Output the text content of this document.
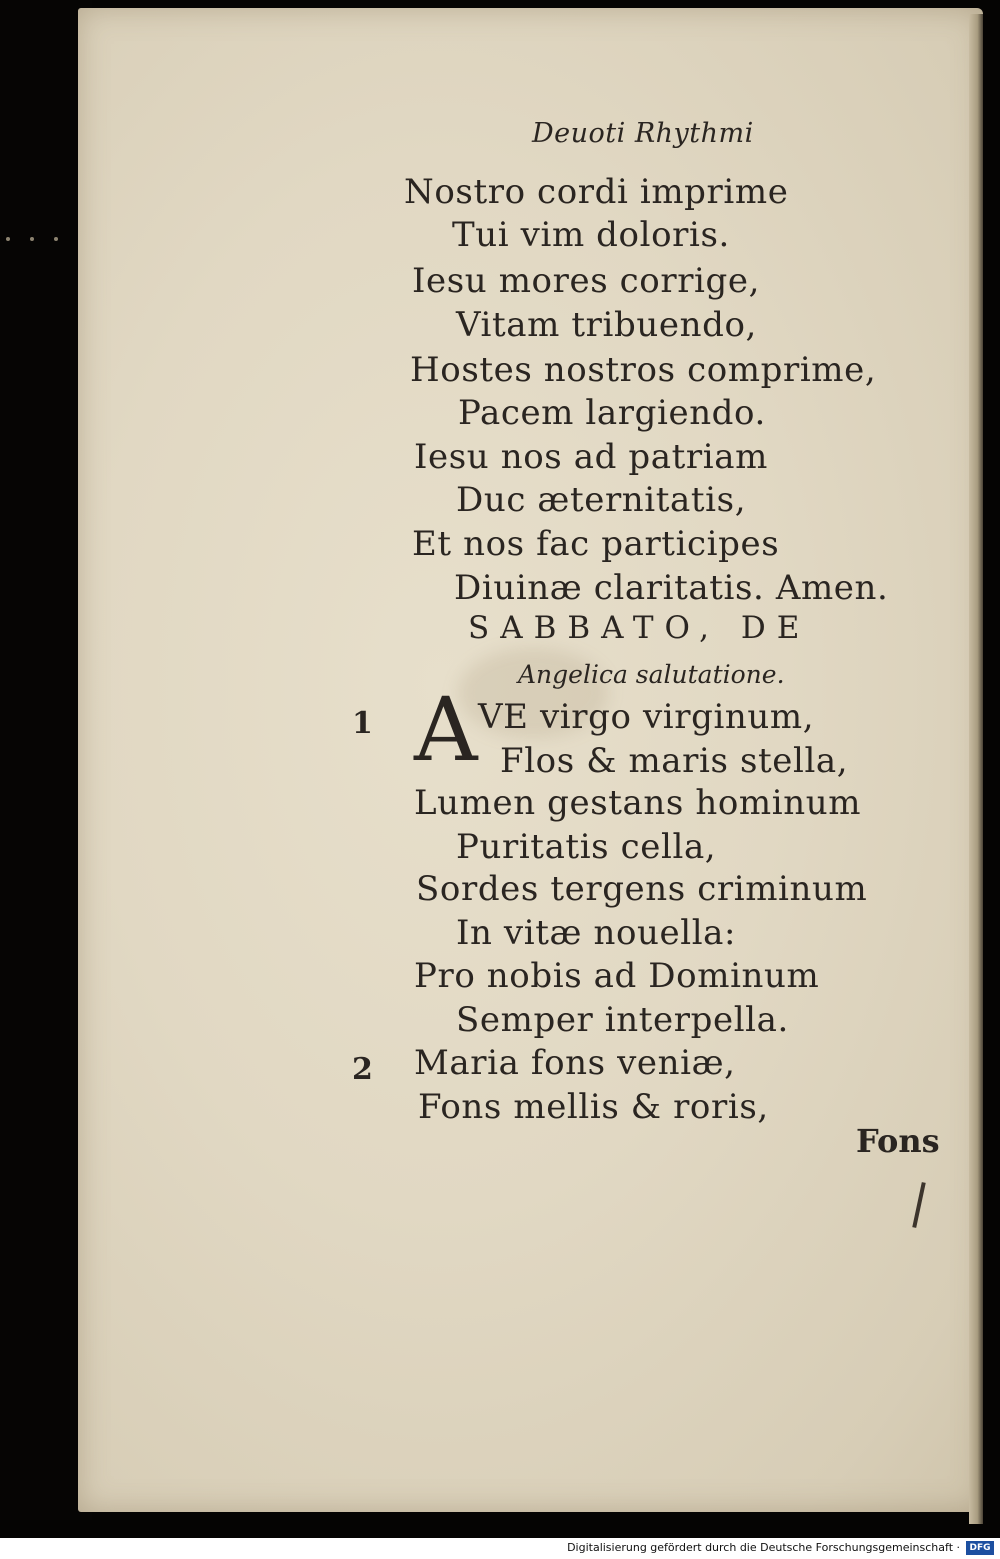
Deuoti Rhythmi
Nostro cordi imprime
Tui vim doloris.
Iesu mores corrige,
Vitam tribuendo,
Hostes nostros comprime,
Pacem largiendo.
Iesu nos ad patriam
Duc æternitatis,
Et nos fac participes
Diuinæ claritatis. Amen.
SABBATO, DE
Angelica salutatione.
1 A VE virgo virginum,
Flos & maris stella,
Lumen gestans hominum
Puritatis cella,
Sordes tergens criminum
In vitæ nouella:
Pro nobis ad Dominum
Semper interpella.
2 Maria fons veniæ,
Fons mellis & roris,
Fons
Digitalisierung gefördert durch die Deutsche Forschungsgemeinschaft ·	DFG
